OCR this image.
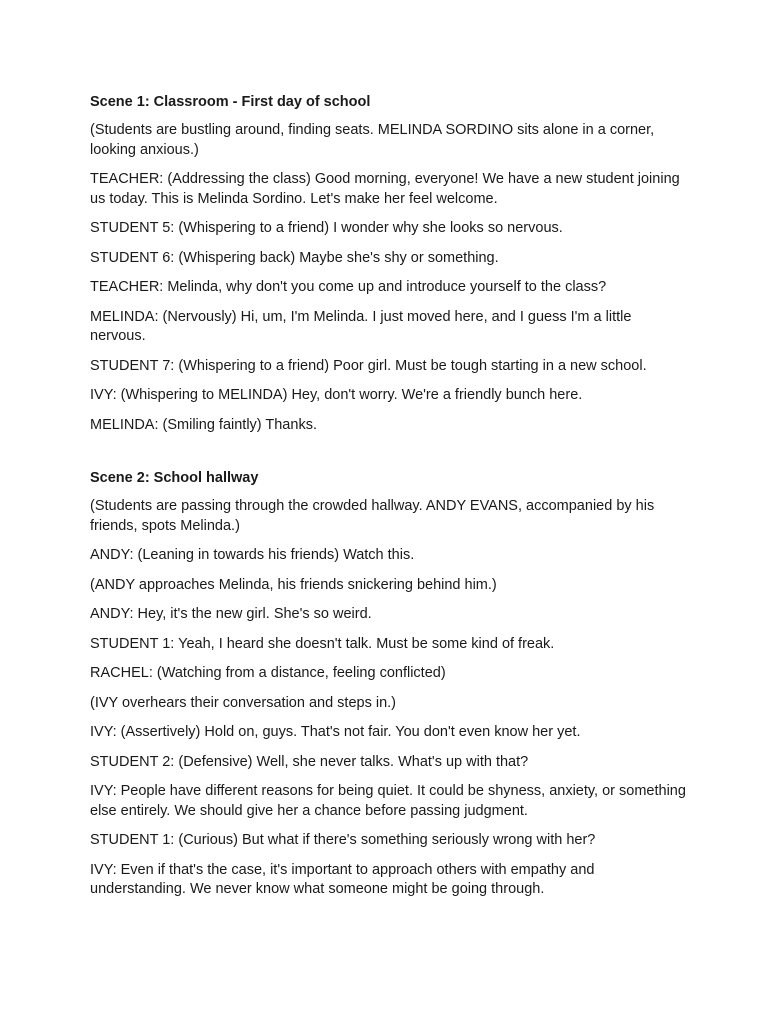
Scene 1: Classroom - First day of school
(Students are bustling around, finding seats. MELINDA SORDINO sits alone in a corner, looking anxious.)
TEACHER: (Addressing the class) Good morning, everyone! We have a new student joining us today. This is Melinda Sordino. Let's make her feel welcome.
STUDENT 5: (Whispering to a friend) I wonder why she looks so nervous.
STUDENT 6: (Whispering back) Maybe she's shy or something.
TEACHER: Melinda, why don't you come up and introduce yourself to the class?
MELINDA: (Nervously) Hi, um, I'm Melinda. I just moved here, and I guess I'm a little nervous.
STUDENT 7: (Whispering to a friend) Poor girl. Must be tough starting in a new school.
IVY: (Whispering to MELINDA) Hey, don't worry. We're a friendly bunch here.
MELINDA: (Smiling faintly) Thanks.
Scene 2: School hallway
(Students are passing through the crowded hallway. ANDY EVANS, accompanied by his friends, spots Melinda.)
ANDY: (Leaning in towards his friends) Watch this.
(ANDY approaches Melinda, his friends snickering behind him.)
ANDY: Hey, it's the new girl. She's so weird.
STUDENT 1: Yeah, I heard she doesn't talk. Must be some kind of freak.
RACHEL: (Watching from a distance, feeling conflicted)
(IVY overhears their conversation and steps in.)
IVY: (Assertively) Hold on, guys. That's not fair. You don't even know her yet.
STUDENT 2: (Defensive) Well, she never talks. What's up with that?
IVY: People have different reasons for being quiet. It could be shyness, anxiety, or something else entirely. We should give her a chance before passing judgment.
STUDENT 1: (Curious) But what if there's something seriously wrong with her?
IVY: Even if that's the case, it's important to approach others with empathy and understanding. We never know what someone might be going through.
